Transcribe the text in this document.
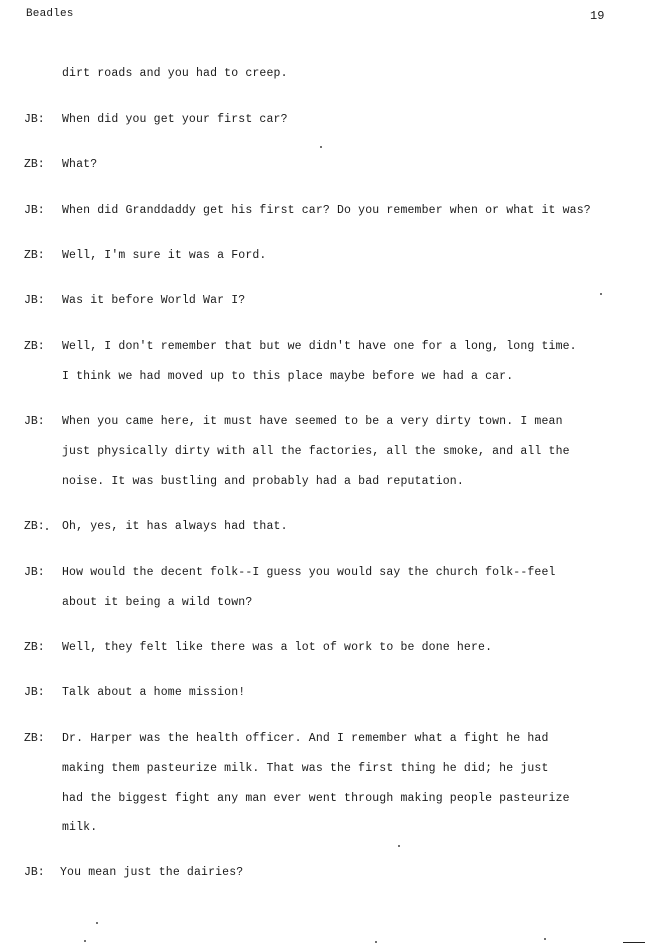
Beadles	19
dirt roads and you had to creep.
JB: When did you get your first car?
ZB: What?
JB: When did Granddaddy get his first car? Do you remember when or what it was?
ZB: Well, I'm sure it was a Ford.
JB: Was it before World War I?
ZB: Well, I don't remember that but we didn't have one for a long, long time.
I think we had moved up to this place maybe before we had a car.
JB: When you came here, it must have seemed to be a very dirty town. I mean
just physically dirty with all the factories, all the smoke, and all the
noise. It was bustling and probably had a bad reputation.
ZB: Oh, yes, it has always had that.
JB: How would the decent folk--I guess you would say the church folk--feel
about it being a wild town?
ZB: Well, they felt like there was a lot of work to be done here.
JB: Talk about a home mission!
ZB: Dr. Harper was the health officer. And I remember what a fight he had
making them pasteurize milk. That was the first thing he did; he just
had the biggest fight any man ever went through making people pasteurize
milk.
JB: You mean just the dairies?
